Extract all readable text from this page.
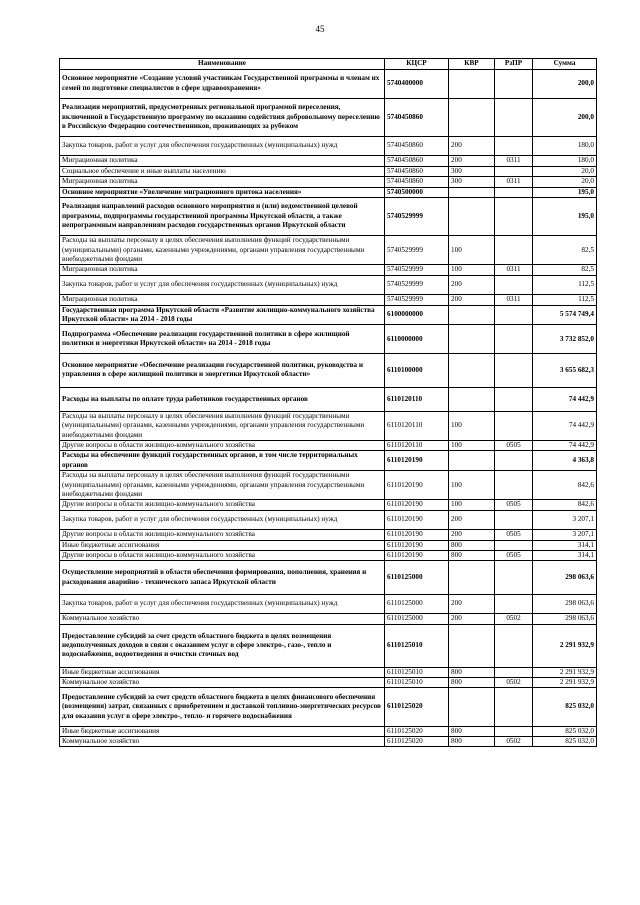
45
Наименование	КЦСР	КВР	РзПР	Сумма
Основное мероприятие «Создание условий участникам Государственной программы и членам их семей по подготовке специалистов в сфере здравоохранения»	5740400000			200,0
Реализация мероприятий, предусмотренных региональной программой переселения, включенной в Государственную программу по оказанию содействия добровольному переселению в Российскую Федерацию соотечественников, проживающих за рубежом	5740450860			200,0
Закупка товаров, работ и услуг для обеспечения государственных (муниципальных) нужд	5740450860	200		180,0
Миграционная политика	5740450860	200	0311	180,0
Социальное обеспечение и иные выплаты населению	5740450860	300		20,0
Миграционная политика	5740450860	300	0311	20,0
Основное мероприятие «Увеличение миграционного притока населения»	5740500000			195,0
Реализация направлений расходов основного мероприятия и (или) ведомственной целевой программы, подпрограммы государственной программы Иркутской области, а также непрограммным направлениям расходов государственных органов Иркутской области	5740529999			195,0
Расходы на выплаты персоналу в целях обеспечения выполнения функций государственными (муниципальными) органами, казенными учреждениями, органами управления государственными внебюджетными фондами	5740529999	100		82,5
Миграционная политика	5740529999	100	0311	82,5
Закупка товаров, работ и услуг для обеспечения государственных (муниципальных) нужд	5740529999	200		112,5
Миграционная политика	5740529999	200	0311	112,5
Государственная программа Иркутской области «Развитие жилищно-коммунального хозяйства Иркутской области» на 2014 - 2018 годы	6100000000			5 574 749,4
Подпрограмма «Обеспечение реализации государственной политики в сфере жилищной политики и энергетики Иркутской области» на 2014 - 2018 годы	6110000000			3 732 852,0
Основное мероприятие «Обеспечение реализации государственной политики, руководства и управления в сфере жилищной политики и энергетики Иркутской области»	6110100000			3 655 682,3
Расходы на выплаты по оплате труда работников государственных органов	6110120110			74 442,9
Расходы на выплаты персоналу в целях обеспечения выполнения функций государственными (муниципальными) органами, казенными учреждениями, органами управления государственными внебюджетными фондами	6110120110	100		74 442,9
Другие вопросы в области жилищно-коммунального хозяйства	6110120110	100	0505	74 442,9
Расходы на обеспечение функций государственных органов, в том числе территориальных органов	6110120190			4 363,8
Расходы на выплаты персоналу в целях обеспечения выполнения функций государственными (муниципальными) органами, казенными учреждениями, органами управления государственными внебюджетными фондами	6110120190	100		842,6
Другие вопросы в области жилищно-коммунального хозяйства	6110120190	100	0505	842,6
Закупка товаров, работ и услуг для обеспечения государственных (муниципальных) нужд	6110120190	200		3 207,1
Другие вопросы в области жилищно-коммунального хозяйства	6110120190	200	0505	3 207,1
Иные бюджетные ассигнования	6110120190	800		314,1
Другие вопросы в области жилищно-коммунального хозяйства	6110120190	800	0505	314,1
Осуществление мероприятий в области обеспечения формирования, пополнения, хранения и расходования аварийно - технического запаса Иркутской области	6110125000			298 063,6
Закупка товаров, работ и услуг для обеспечения государственных (муниципальных) нужд	6110125000	200		298 063,6
Коммунальное хозяйство	6110125000	200	0502	298 063,6
Предоставление субсидий за счет средств областного бюджета в целях возмещения недополученных доходов в связи с оказанием услуг в сфере электро-, газо-, тепло и водоснабжения, водоотведения и очистки сточных вод	6110125010			2 291 932,9
Иные бюджетные ассигнования	6110125010	800		2 291 932,9
Коммунальное хозяйство	6110125010	800	0502	2 291 932,9
Предоставление субсидий за счет средств областного бюджета в целях финансового обеспечения (возмещения) затрат, связанных с приобретением и доставкой топливно-энергетических ресурсов для оказания услуг в сфере электро-, тепло- и горячего водоснабжения	6110125020			825 032,0
Иные бюджетные ассигнования	6110125020	800		825 032,0
Коммунальное хозяйство	6110125020	800	0502	825 032,0
